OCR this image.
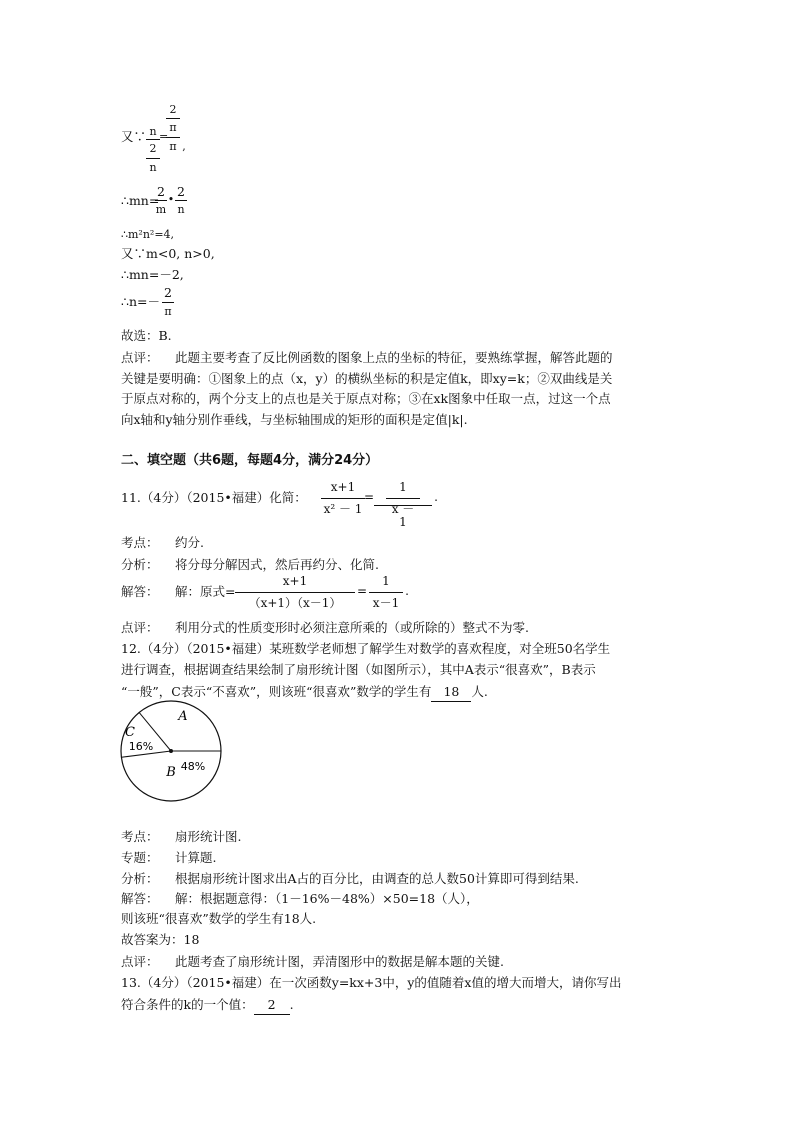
2
π
又∵ n
2
n
=
π ,
∴mn=
2
m
•
2
n
∴m²n²=4,
又∵m<0, n>0,
∴mn=－2,
∴n=－
2
π
故选：B.
点评： 此题主要考查了反比例函数的图象上点的坐标的特征，要熟练掌握，解答此题的
关键是要明确：①图象上的点（x，y）的横纵坐标的积是定值k，即xy=k；②双曲线是关
于原点对称的，两个分支上的点也是关于原点对称；③在xk图象中任取一点，过这一个点
向x轴和y轴分别作垂线，与坐标轴围成的矩形的面积是定值|k|.
二、填空题（共6题，每题4分，满分24分）
11.（4分）（2015•福建）化简：
x+1
x² － 1
=
1
x － 1
.
考点： 约分.
分析： 将分母分解因式，然后再约分、化简.
解答： 解：原式=
x+1
（x+1）（x－1）
=
1
x－1
.
点评： 利用分式的性质变形时必须注意所乘的（或所除的）整式不为零.
12.（4分）（2015•福建）某班数学老师想了解学生对数学的喜欢程度，对全班50名学生
进行调查，根据调查结果绘制了扇形统计图（如图所示），其中A表示“很喜欢”，B表示
“一般”，C表示“不喜欢”，则该班“很喜欢”数学的学生有 18 人.
A
B 48%
C
16%
考点： 扇形统计图.
专题： 计算题.
分析： 根据扇形统计图求出A占的百分比，由调查的总人数50计算即可得到结果.
解答： 解：根据题意得：（1－16%－48%）×50=18（人），
则该班“很喜欢”数学的学生有18人.
故答案为：18
点评： 此题考查了扇形统计图，弄清图形中的数据是解本题的关键.
13.（4分）（2015•福建）在一次函数y=kx+3中，y的值随着x值的增大而增大，请你写出
符合条件的k的一个值： 2 .
